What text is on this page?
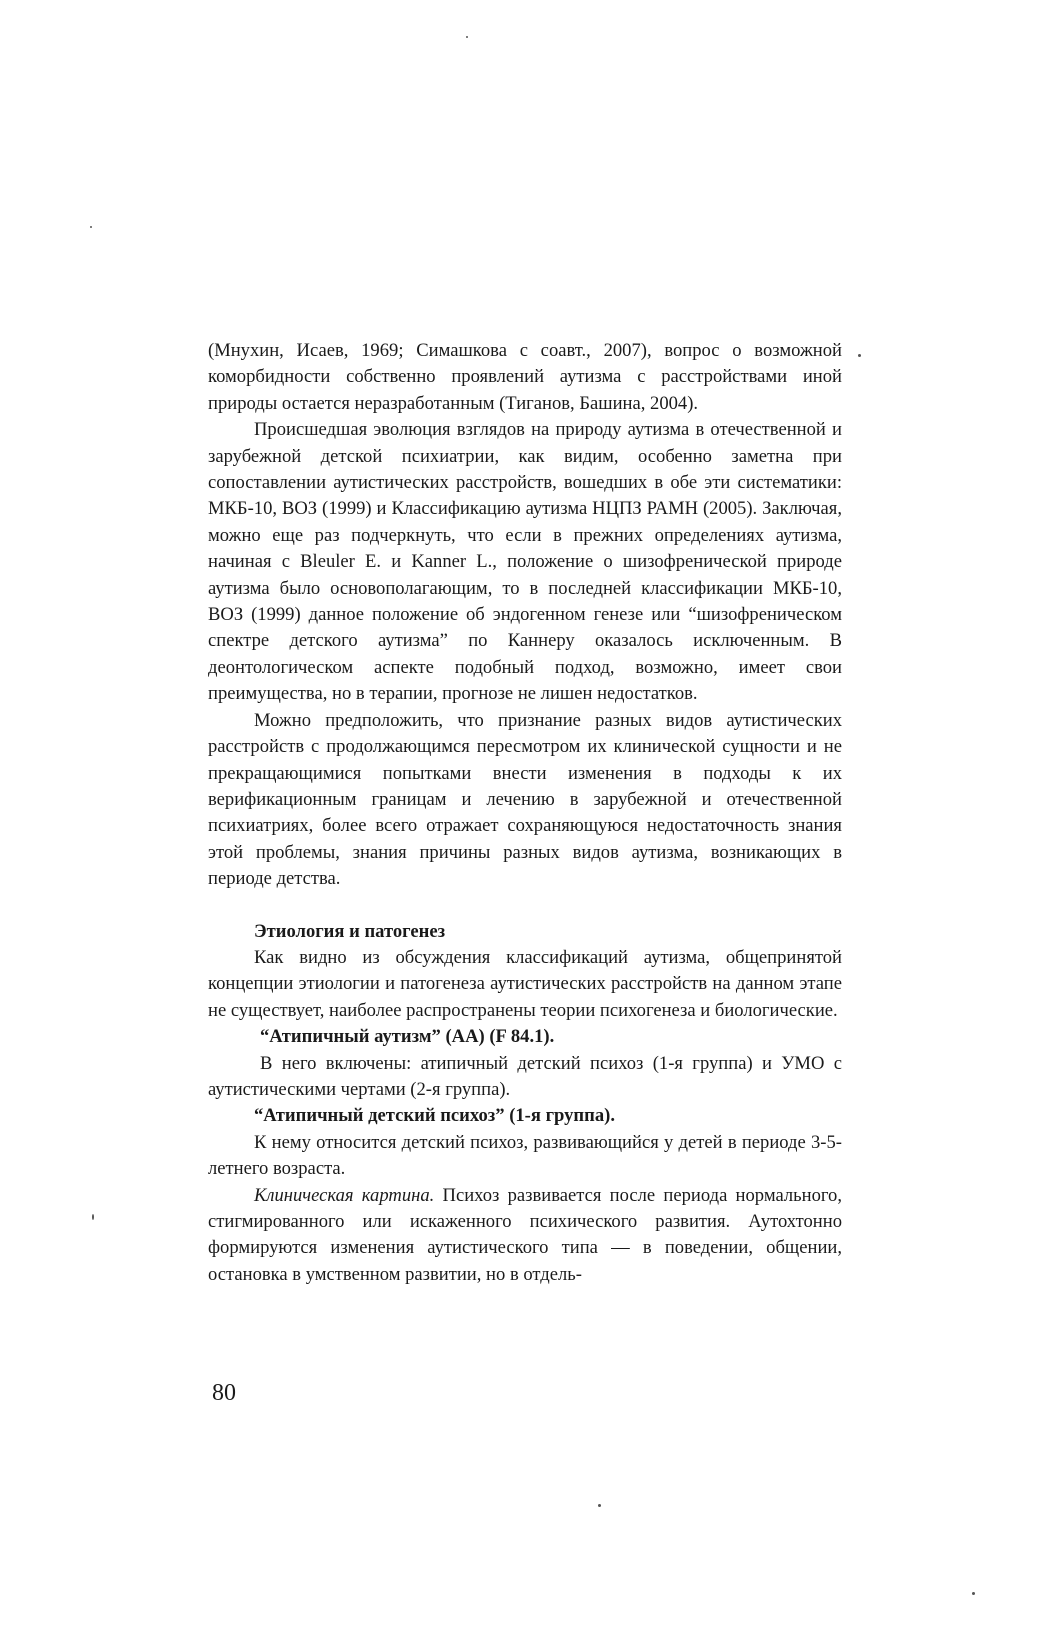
(Мнухин, Исаев, 1969; Симашкова с соавт., 2007), вопрос о возможной коморбидности собственно проявлений аутизма с расстройствами иной природы остается неразработанным (Тиганов, Башина, 2004).

Происшедшая эволюция взглядов на природу аутизма в отечественной и зарубежной детской психиатрии, как видим, особенно заметна при сопоставлении аутистических расстройств, вошедших в обе эти систематики: МКБ-10, ВОЗ (1999) и Классификацию аутизма НЦПЗ РАМН (2005). Заключая, можно еще раз подчеркнуть, что если в прежних определениях аутизма, начиная с Bleuler E. и Kanner L., положение о шизофренической природе аутизма было основополагающим, то в последней классификации МКБ-10, ВОЗ (1999) данное положение об эндогенном генезе или “шизофреническом спектре детского аутизма” по Каннеру оказалось исключенным. В деонтологическом аспекте подобный подход, возможно, имеет свои преимущества, но в терапии, прогнозе не лишен недостатков.

Можно предположить, что признание разных видов аутистических расстройств с продолжающимся пересмотром их клинической сущности и не прекращающимися попытками внести изменения в подходы к их верификационным границам и лечению в зарубежной и отечественной психиатриях, более всего отражает сохраняющуюся недостаточность знания этой проблемы, знания причины разных видов аутизма, возникающих в периоде детства.

Этиология и патогенез

Как видно из обсуждения классификаций аутизма, общепринятой концепции этиологии и патогенеза аутистических расстройств на данном этапе не существует, наиболее распространены теории психогенеза и биологические.

“Атипичный аутизм” (АА) (F 84.1).

В него включены: атипичный детский психоз (1-я группа) и УМО с аутистическими чертами (2-я группа).

“Атипичный детский психоз” (1-я группа).

К нему относится детский психоз, развивающийся у детей в периоде 3-5-летнего возраста.

Клиническая картина. Психоз развивается после периода нормального, стигмированного или искаженного психического развития. Аутохтонно формируются изменения аутистического типа — в поведении, общении, остановка в умственном развитии, но в отдель-

80
